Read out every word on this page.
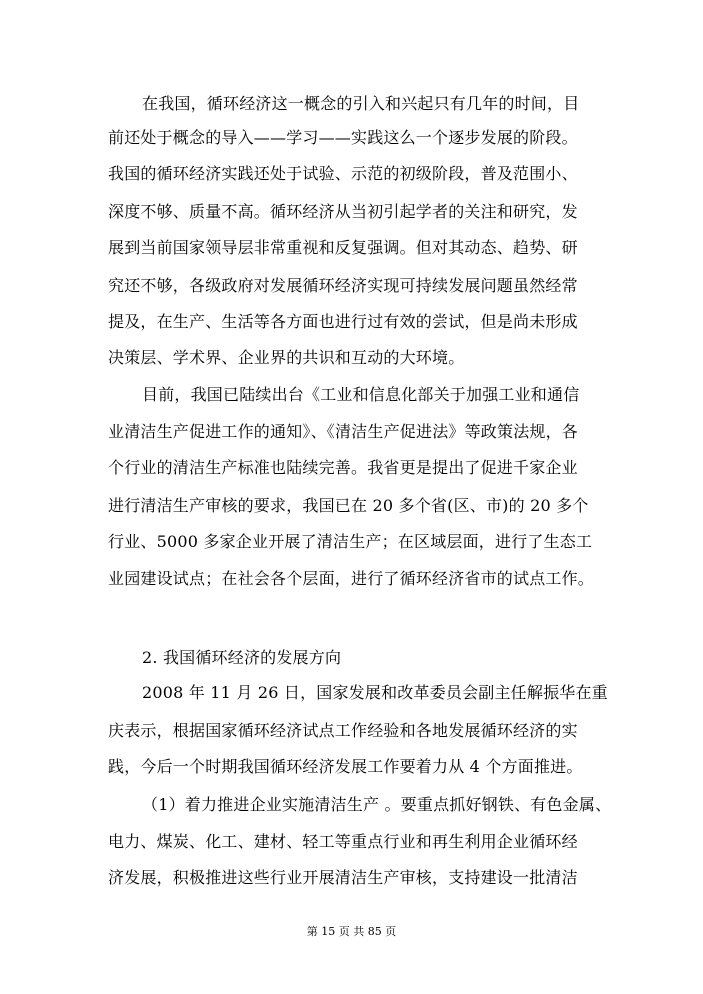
在我国，循环经济这一概念的引入和兴起只有几年的时间，目
前还处于概念的导入——学习——实践这么一个逐步发展的阶段。
我国的循环经济实践还处于试验、示范的初级阶段，普及范围小、
深度不够、质量不高。循环经济从当初引起学者的关注和研究，发
展到当前国家领导层非常重视和反复强调。但对其动态、趋势、研
究还不够，各级政府对发展循环经济实现可持续发展问题虽然经常
提及，在生产、生活等各方面也进行过有效的尝试，但是尚未形成
决策层、学术界、企业界的共识和互动的大环境。
目前，我国已陆续出台《工业和信息化部关于加强工业和通信
业清洁生产促进工作的通知》、《清洁生产促进法》等政策法规，各
个行业的清洁生产标准也陆续完善。我省更是提出了促进千家企业
进行清洁生产审核的要求，我国已在 20 多个省(区、市)的 20 多个
行业、5000 多家企业开展了清洁生产；在区域层面，进行了生态工
业园建设试点；在社会各个层面，进行了循环经济省市的试点工作。
2. 我国循环经济的发展方向
2008 年 11 月 26 日，国家发展和改革委员会副主任解振华在重
庆表示，根据国家循环经济试点工作经验和各地发展循环经济的实
践，今后一个时期我国循环经济发展工作要着力从 4 个方面推进。
（1）着力推进企业实施清洁生产 。要重点抓好钢铁、有色金属、
电力、煤炭、化工、建材、轻工等重点行业和再生利用企业循环经
济发展，积极推进这些行业开展清洁生产审核，支持建设一批清洁
第 15 页 共 85 页
